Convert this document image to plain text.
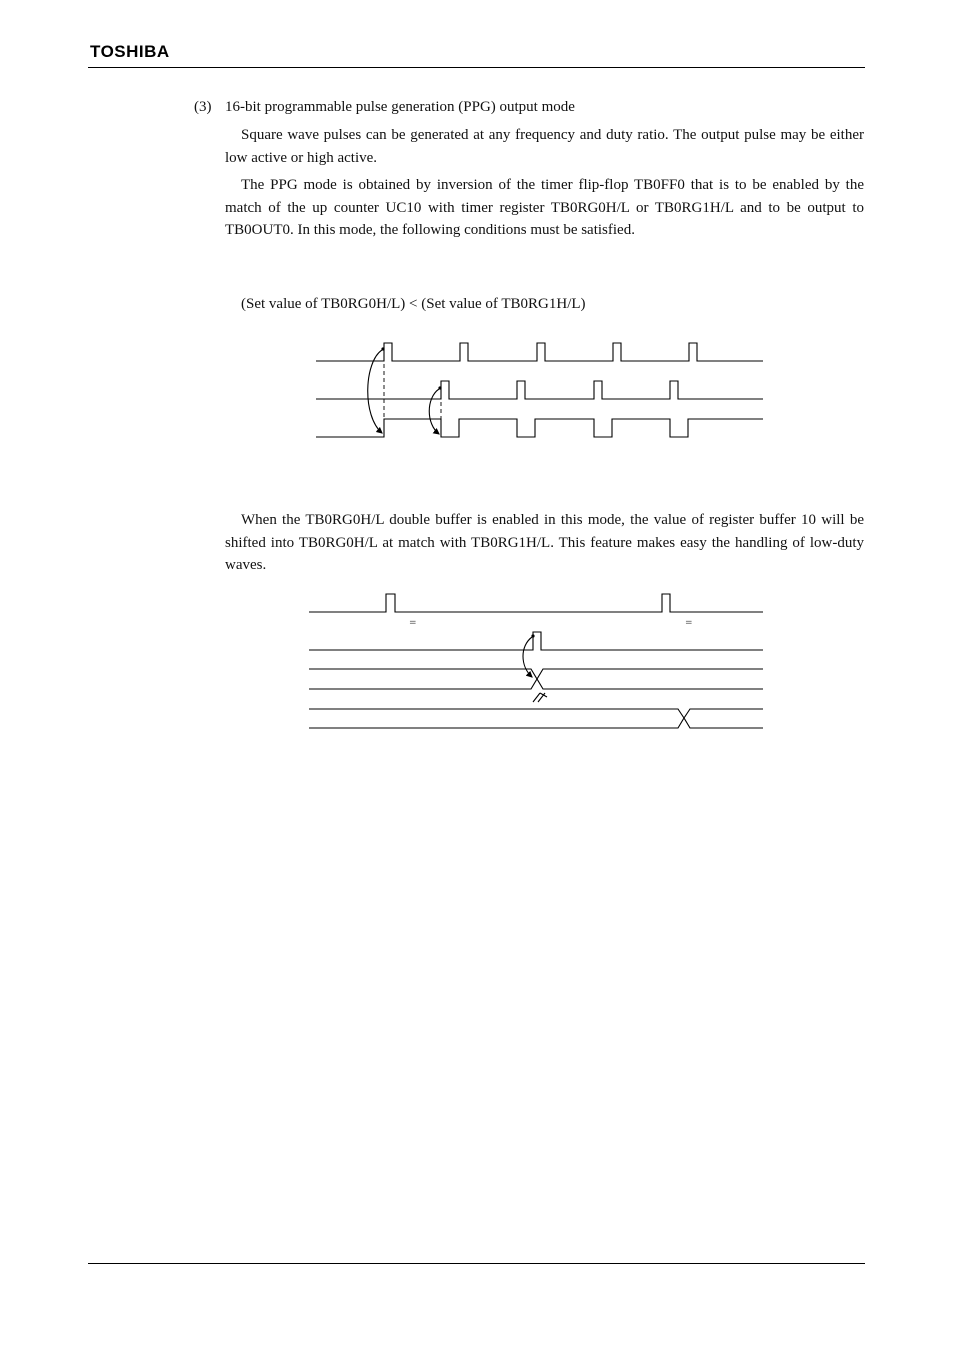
TOSHIBA
(3) 16-bit programmable pulse generation (PPG) output mode

Square wave pulses can be generated at any frequency and duty ratio. The output pulse may be either low active or high active.

The PPG mode is obtained by inversion of the timer flip-flop TB0FF0 that is to be enabled by the match of the up counter UC10 with timer register TB0RG0H/L or TB0RG1H/L and to be output to TB0OUT0. In this mode, the following conditions must be satisfied.

(Set value of TB0RG0H/L) < (Set value of TB0RG1H/L)
=	=

When the TB0RG0H/L double buffer is enabled in this mode, the value of register buffer 10 will be shifted into TB0RG0H/L at match with TB0RG1H/L. This feature makes easy the handling of low-duty waves.
